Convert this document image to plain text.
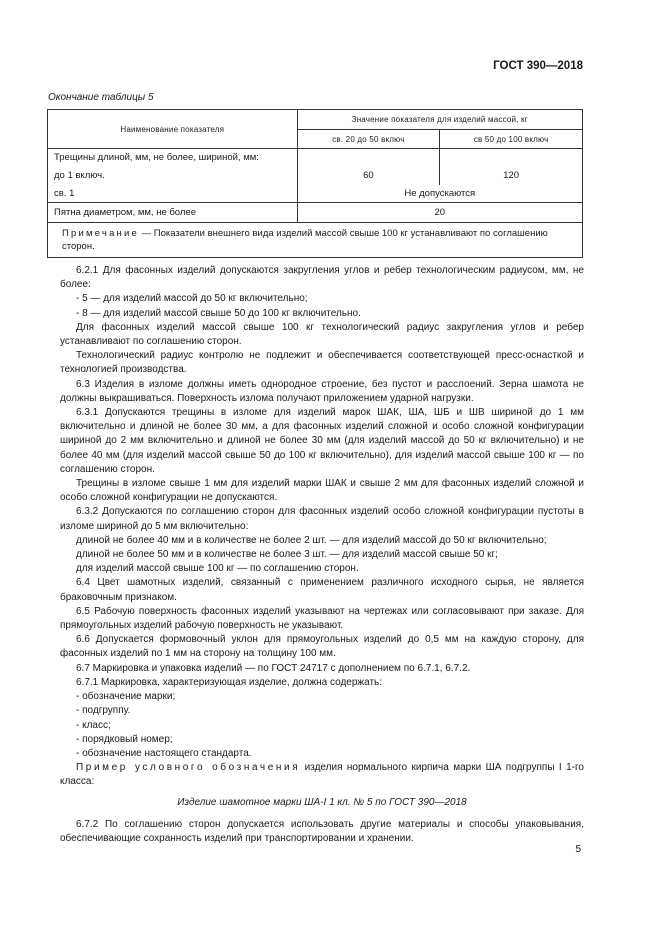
ГОСТ 390—2018
Окончание таблицы 5
Наименование показателя	Значение показателя для изделий массой, кг	
	св. 20 до 50 включ	св 50 до 100 включ
Трещины длиной, мм, не более, шириной, мм:		
до 1 включ.	60	120
св. 1	Не допускаются	
Пятна диаметром, мм, не более	20	
Примечание — Показатели внешнего вида изделий массой свыше 100 кг устанавливают по соглашению сторон.		

6.2.1 Для фасонных изделий допускаются закругления углов и ребер технологическим радиусом, мм, не более:

- 5 — для изделий массой до 50 кг включительно;

- 8 — для изделий массой свыше 50 до 100 кг включительно.

Для фасонных изделий массой свыше 100 кг технологический радиус закругления углов и ребер устанавливают по соглашению сторон.

Технологический радиус контролю не подлежит и обеспечивается соответствующей пресс-оснасткой и технологией производства.

6.3 Изделия в изломе должны иметь однородное строение, без пустот и расслоений. Зерна шамота не должны выкрашиваться. Поверхность излома получают приложением ударной нагрузки.

6.3.1 Допускаются трещины в изломе для изделий марок ШАК, ША, ШБ и ШВ шириной до 1 мм включительно и длиной не более 30 мм, а для фасонных изделий сложной и особо сложной конфигурации шириной до 2 мм включительно и длиной не более 30 мм (для изделий массой до 50 кг включительно) и не более 40 мм (для изделий массой свыше 50 до 100 кг включительно), для изделий массой свыше 100 кг — по соглашению сторон.

Трещины в изломе свыше 1 мм для изделий марки ШАК и свыше 2 мм для фасонных изделий сложной и особо сложной конфигурации не допускаются.

6.3.2 Допускаются по соглашению сторон для фасонных изделий особо сложной конфигурации пустоты в изломе шириной до 5 мм включительно:

длиной не более 40 мм и в количестве не более 2 шт. — для изделий массой до 50 кг включительно;

длиной не более 50 мм и в количестве не более 3 шт. — для изделий массой свыше 50 кг;

для изделий массой свыше 100 кг — по соглашению сторон.

6.4 Цвет шамотных изделий, связанный с применением различного исходного сырья, не является браковочным признаком.

6.5 Рабочую поверхность фасонных изделий указывают на чертежах или согласовывают при заказе. Для прямоугольных изделий рабочую поверхность не указывают.

6.6 Допускается формовочный уклон для прямоугольных изделий до 0,5 мм на каждую сторону, для фасонных изделий по 1 мм на сторону на толщину 100 мм.

6.7 Маркировка и упаковка изделий — по ГОСТ 24717 с дополнением по 6.7.1, 6.7.2.

6.7.1 Маркировка, характеризующая изделие, должна содержать:

- обозначение марки;

- подгруппу.

- класс;

- порядковый номер;

- обозначение настоящего стандарта.

Пример условного обозначения изделия нормального кирпича марки ША подгруппы I 1-го класса:

Изделие шамотное марки ША-I 1 кл. № 5 по ГОСТ 390—2018

6.7.2 По соглашению сторон допускается использовать другие материалы и способы упаковывания, обеспечивающие сохранность изделий при транспортировании и хранении.

5
